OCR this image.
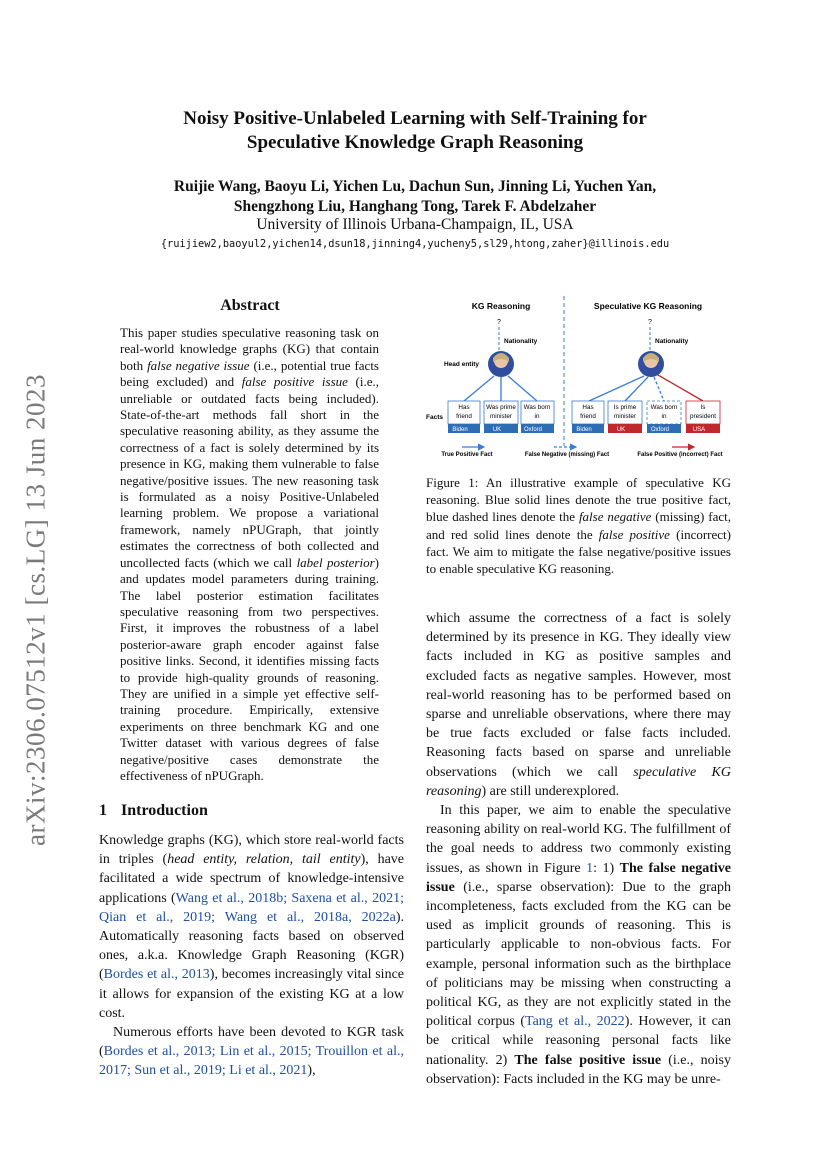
arXiv:2306.07512v1 [cs.LG] 13 Jun 2023
Noisy Positive-Unlabeled Learning with Self-Training for
Speculative Knowledge Graph Reasoning
Ruijie Wang, Baoyu Li, Yichen Lu, Dachun Sun, Jinning Li, Yuchen Yan,
Shengzhong Liu, Hanghang Tong, Tarek F. Abdelzaher
University of Illinois Urbana-Champaign, IL, USA
{ruijiew2,baoyul2,yichen14,dsun18,jinning4,yucheny5,sl29,htong,zaher}@illinois.edu
Abstract
This paper studies speculative reasoning task on real-world knowledge graphs (KG) that contain both false negative issue (i.e., potential true facts being excluded) and false positive issue (i.e., unreliable or outdated facts being included). State-of-the-art methods fall short in the speculative reasoning ability, as they assume the correctness of a fact is solely determined by its presence in KG, making them vulnerable to false negative/positive issues. The new reasoning task is formulated as a noisy Positive-Unlabeled learning problem. We propose a variational framework, namely nPUGraph, that jointly estimates the correctness of both collected and uncollected facts (which we call label posterior) and updates model parameters during training. The label posterior estimation facilitates speculative reasoning from two perspectives. First, it improves the robustness of a label posterior-aware graph encoder against false positive links. Second, it identifies missing facts to provide high-quality grounds of reasoning. They are unified in a simple yet effective self-training procedure. Empirically, extensive experiments on three benchmark KG and one Twitter dataset with various degrees of false negative/positive cases demonstrate the effectiveness of nPUGraph.
KG Reasoning	Speculative KG Reasoning
?	?
Nationality	Nationality
Head entity
Facts
Has
friend
Biden
Was prime
minister
UK
Was born
in
Oxford
Has
friend
Biden
Is prime
minister
UK
Was born
in
Oxford
Is
president
USA
True Positive Fact	False Negative (missing) Fact	False Positive (incorrect) Fact
Figure 1: An illustrative example of speculative KG reasoning. Blue solid lines denote the true positive fact, blue dashed lines denote the false negative (missing) fact, and red solid lines denote the false positive (incorrect) fact. We aim to mitigate the false negative/positive issues to enable speculative KG reasoning.
1 Introduction

Knowledge graphs (KG), which store real-world facts in triples (head entity, relation, tail entity), have facilitated a wide spectrum of knowledge-intensive applications (Wang et al., 2018b; Saxena et al., 2021; Qian et al., 2019; Wang et al., 2018a, 2022a). Automatically reasoning facts based on observed ones, a.k.a. Knowledge Graph Reasoning (KGR) (Bordes et al., 2013), becomes increasingly vital since it allows for expansion of the existing KG at a low cost.

Numerous efforts have been devoted to KGR task (Bordes et al., 2013; Lin et al., 2015; Trouillon et al., 2017; Sun et al., 2019; Li et al., 2021),

which assume the correctness of a fact is solely determined by its presence in KG. They ideally view facts included in KG as positive samples and excluded facts as negative samples. However, most real-world reasoning has to be performed based on sparse and unreliable observations, where there may be true facts excluded or false facts included. Reasoning facts based on sparse and unreliable observations (which we call speculative KG reasoning) are still underexplored.

In this paper, we aim to enable the speculative reasoning ability on real-world KG. The fulfillment of the goal needs to address two commonly existing issues, as shown in Figure 1: 1) The false negative issue (i.e., sparse observation): Due to the graph incompleteness, facts excluded from the KG can be used as implicit grounds of reasoning. This is particularly applicable to non-obvious facts. For example, personal information such as the birthplace of politicians may be missing when constructing a political KG, as they are not explicitly stated in the political corpus (Tang et al., 2022). However, it can be critical while reasoning personal facts like nationality. 2) The false positive issue (i.e., noisy observation): Facts included in the KG may be unre-
